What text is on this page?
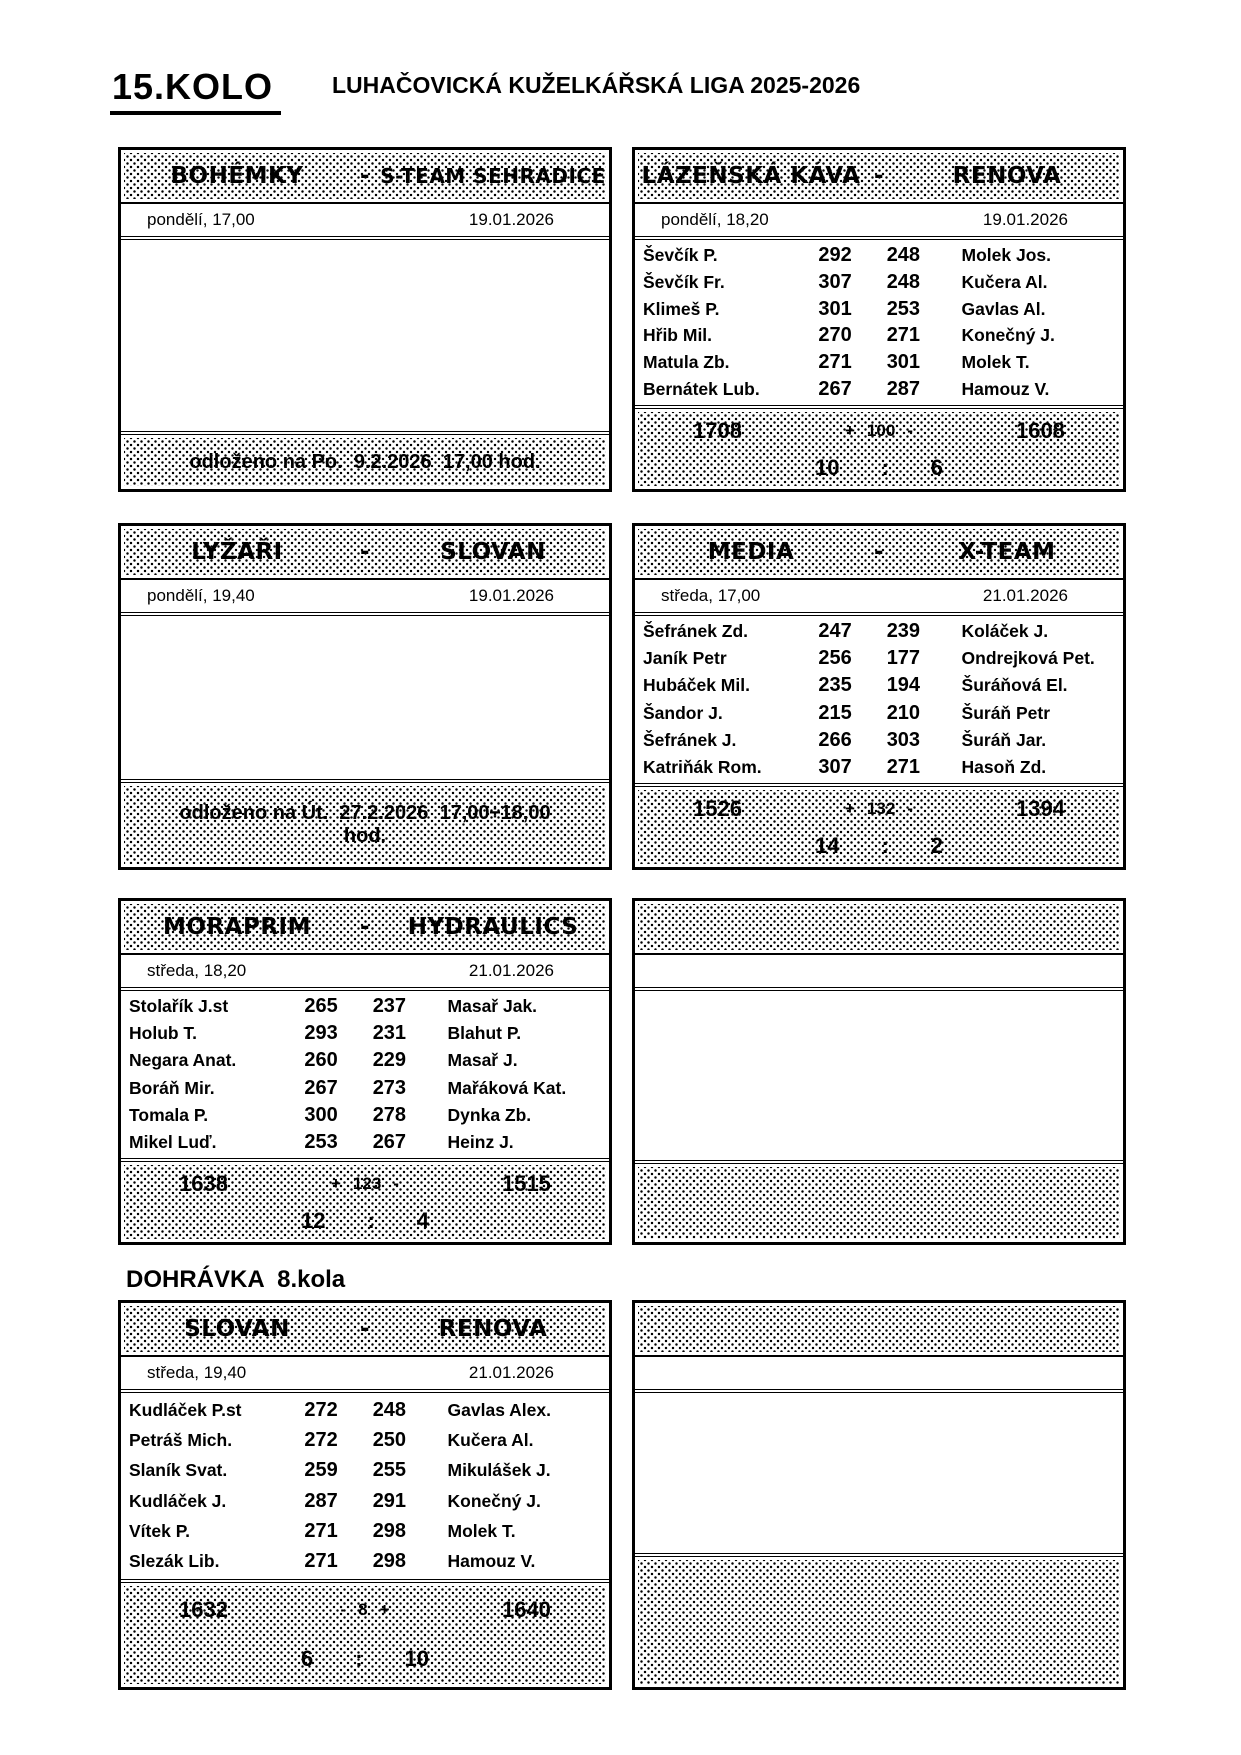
15.KOLO	LUHAČOVICKÁ KUŽELKÁŘSKÁ LIGA 2025-2026
BOHÉMKY	- S-TEAM SEHRADICE
pondělí, 17,00	19.01.2026
odloženo na Po.  9.2.2026  17,00 hod.
LÁZEŇSKÁ KÁVA -	RENOVA
pondělí, 18,20	19.01.2026
Ševčík P.	292	248	Molek Jos.
Ševčík Fr.	307	248	Kučera Al.
Klimeš P.	301	253	Gavlas Al.
Hřib Mil.	270	271	Konečný J.
Matula Zb.	271	301	Molek T.
Bernátek Lub.	267	287	Hamouz V.
1708	+ 100 -	1608
10 : 6
LYŽAŘI	-	SLOVAN
pondělí, 19,40	19.01.2026
odloženo na Út.  27.2.2026  17,00÷18,00
hod.
MEDIA	-	X-TEAM
středa, 17,00	21.01.2026
Šefránek Zd.	247	239	Koláček J.
Janík Petr	256	177	Ondrejková Pet.
Hubáček Mil.	235	194	Šuráňová El.
Šandor J.	215	210	Šuráň Petr
Šefránek J.	266	303	Šuráň Jar.
Katriňák Rom.	307	271	Hasoň Zd.
1526	+ 132 -	1394
14 : 2
MORAPRIM	-	HYDRAULICS
středa, 18,20	21.01.2026
Stolařík J.st	265	237	Masař Jak.
Holub T.	293	231	Blahut P.
Negara Anat.	260	229	Masař J.
Boráň Mir.	267	273	Mařáková Kat.
Tomala P.	300	278	Dynka Zb.
Mikel Luď.	253	267	Heinz J.
1638	+ 123 -	1515
12 : 4
DOHRÁVKA  8.kola
SLOVAN	-	RENOVA
středa, 19,40	21.01.2026
Kudláček P.st	272	248	Gavlas Alex.
Petráš Mich.	272	250	Kučera Al.
Slaník Svat.	259	255	Mikulášek J.
Kudláček J.	287	291	Konečný J.
Vítek P.	271	298	Molek T.
Slezák Lib.	271	298	Hamouz V.
1632	- 8 +	1640
6 : 10
